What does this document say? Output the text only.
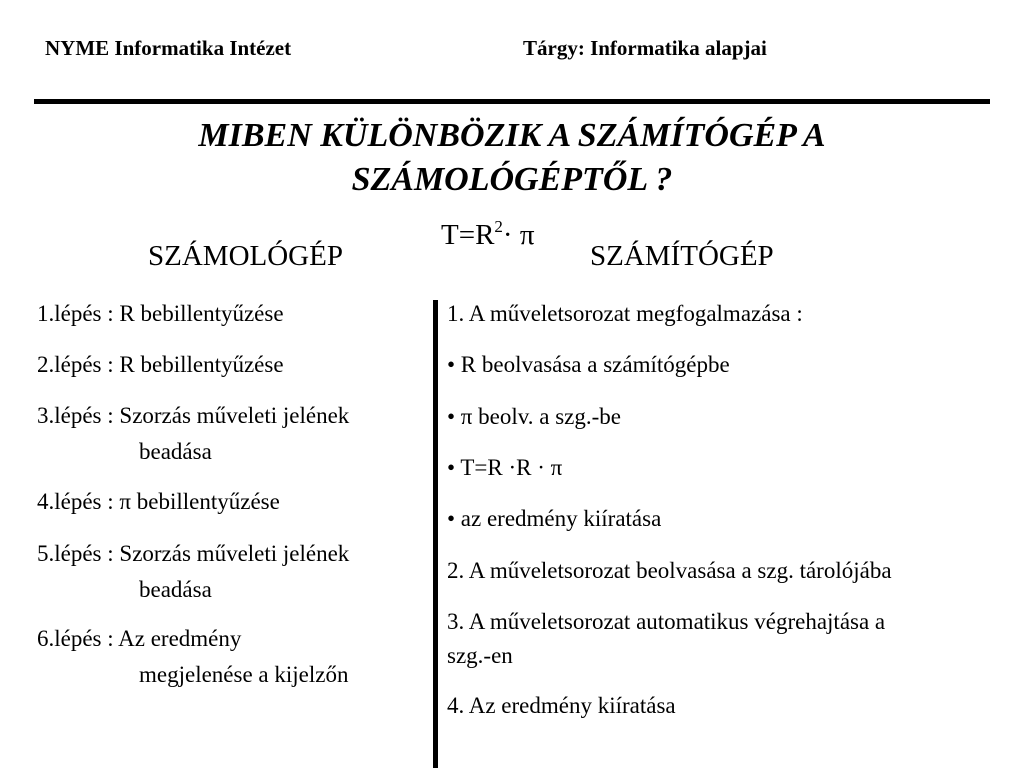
NYME Informatika Intézet	Tárgy: Informatika alapjai
MIBEN KÜLÖNBÖZIK A SZÁMÍTÓGÉP A
SZÁMOLÓGÉPTŐL ?
$T=R^2\cdot \pi$
SZÁMOLÓGÉP	SZÁMÍTÓGÉP
1.lépés : R bebillentyűzése
2.lépés : R bebillentyűzése
3.lépés : Szorzás műveleti jelének
beadása
4.lépés : π bebillentyűzése
5.lépés : Szorzás műveleti jelének
beadása
6.lépés : Az eredmény
megjelenése a kijelzőn
1. A műveletsorozat megfogalmazása :
• R beolvasása a számítógépbe
• π beolv. a szg.-be
• T=R ·R · π
• az eredmény kiíratása
2. A műveletsorozat beolvasása a szg. tárolójába
3. A műveletsorozat automatikus végrehajtása a
szg.-en
4. Az eredmény kiíratása
